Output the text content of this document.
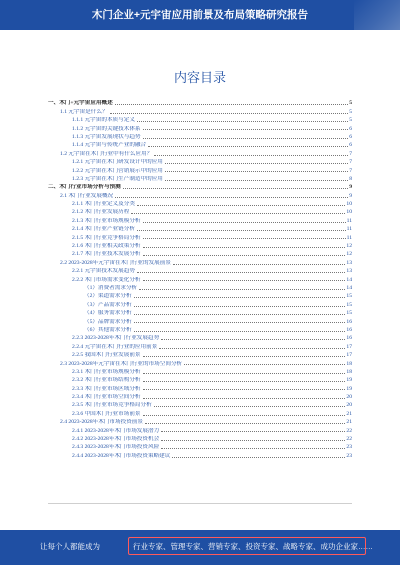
木门企业+元宇宙应用前景及布局策略研究报告
内容目录
一、木门+元宇宙应用概述	5
1.1 元宇宙是什么？	5
1.1.1 元宇宙的本质与定义	5
1.1.2 元宇宙的关键技术体系	6
1.1.3 元宇宙发展现状与趋势	6
1.1.4 元宇宙与传统产业的融合	6
1.2 元宇宙在木门行业中有什么应用？	7
1.2.1 元宇宙在木门研发设计中的应用	7
1.2.2 元宇宙在木门营销展示中的应用	7
1.2.3 元宇宙在木门生产制造中的应用	8
二、木门行业市场分析与预测	9
2.1 木门行业发展概况	9
2.1.1 木门行业定义及分类	10
2.1.2 木门行业发展历程	10
2.1.3 木门行业市场规模分析	11
2.1.4 木门行业产业链分析	11
2.1.5 木门行业竞争格局分析	11
2.1.6 木门行业相关政策分析	12
2.1.7 木门行业技术发展分析	12
2.2 2023-2028年元宇宙在木门行业的发展前景	13
2.2.1 元宇宙技术发展趋势	13
2.2.2 木门市场需求变化分析	14
（1）消费者需求分析	14
（2）渠道需求分析	15
（3）产品需求分析	15
（4）服务需求分析	15
（5）品牌需求分析	16
（6）其他需求分析	16
2.2.3 2023-2028年木门行业发展趋势	16
2.2.4 元宇宙在木门行业的应用前景	17
2.2.5 我国木门行业发展前景	17
2.3 2023-2028年元宇宙在木门行业的市场空间分析	18
2.3.1 木门行业市场规模分析	18
2.3.2 木门行业市场结构分析	19
2.3.3 木门行业市场区域分析	19
2.3.4 木门行业市场空间分析	20
2.3.5 木门行业市场竞争格局分析	20
2.3.6 中国木门行业市场前景	21
2.4 2023-2028年木门市场投资前景	21
2.4.1 2023-2028年木门市场发展潜力	22
2.4.2 2023-2028年木门市场投资机会	22
2.4.3 2023-2028年木门市场投资风险	23
2.4.4 2023-2028年木门市场投资策略建议	23
让每个人都能成为	行业专家、管理专家、营销专家、投资专家、战略专家、成功企业家……
